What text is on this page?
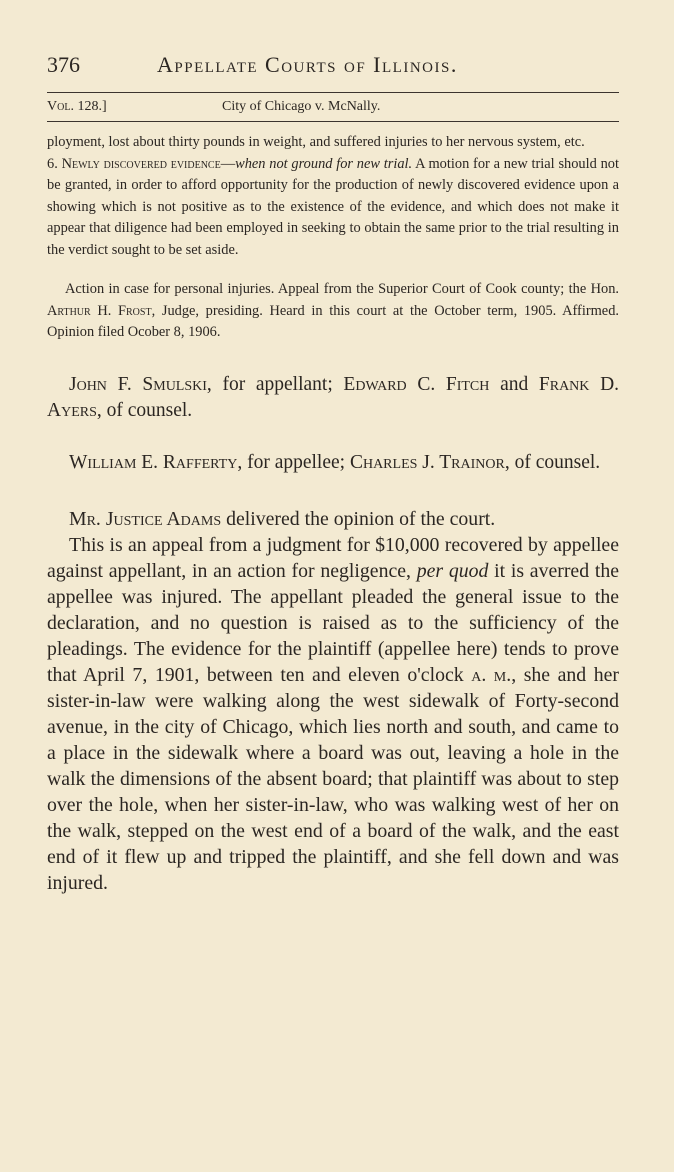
376	Appellate Courts of Illinois.
Vol. 128.]	City of Chicago v. McNally.

ployment, lost about thirty pounds in weight, and suffered injuries to her nervous system, etc.

6. Newly discovered evidence—when not ground for new trial. A motion for a new trial should not be granted, in order to afford opportunity for the production of newly discovered evidence upon a showing which is not positive as to the existence of the evidence, and which does not make it appear that diligence had been employed in seeking to obtain the same prior to the trial resulting in the verdict sought to be set aside.

Action in case for personal injuries. Appeal from the Superior Court of Cook county; the Hon. Arthur H. Frost, Judge, presiding. Heard in this court at the October term, 1905. Affirmed. Opinion filed Ocober 8, 1906.

John F. Smulski, for appellant; Edward C. Fitch and Frank D. Ayers, of counsel.

William E. Rafferty, for appellee; Charles J. Trainor, of counsel.

Mr. Justice Adams delivered the opinion of the court.

This is an appeal from a judgment for $10,000 recovered by appellee against appellant, in an action for negligence, per quod it is averred the appellee was injured. The appellant pleaded the general issue to the declaration, and no question is raised as to the sufficiency of the pleadings. The evidence for the plaintiff (appellee here) tends to prove that April 7, 1901, between ten and eleven o'clock a. m., she and her sister-in-law were walking along the west sidewalk of Forty-second avenue, in the city of Chicago, which lies north and south, and came to a place in the sidewalk where a board was out, leaving a hole in the walk the dimensions of the absent board; that plaintiff was about to step over the hole, when her sister-in-law, who was walking west of her on the walk, stepped on the west end of a board of the walk, and the east end of it flew up and tripped the plaintiff, and she fell down and was injured.
